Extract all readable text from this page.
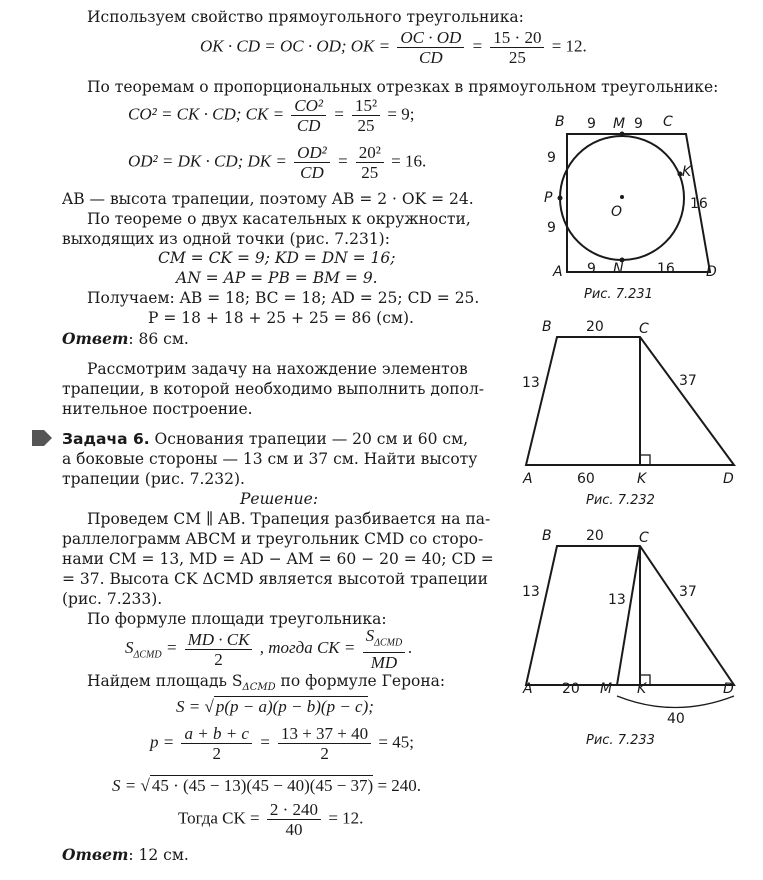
Используем свойство прямоугольного треугольника:
OK · CD = OC · OD; OK = $\frac{OC \cdot OD}{CD} = \frac{15 \cdot 20}{25} = 12$.
По теоремам о пропорциональных отрезках в прямоугольном треугольнике:
CO² = CK · CD; CK = $\frac{\text{CO²}}{CD} = \frac{\text{15²}}{25} = 9$;
OD² = DK · CD; DK = $\frac{\text{OD²}}{CD} = \frac{\text{20²}}{25} = 16$.
AB — высота трапеции, поэтому AB = 2 · OK = 24.
По теореме о двух касательных к окружности,
выходящих из одной точки (рис. 7.231):
CM = CK = 9; KD = DN = 16;
AN = AP = PB = BM = 9.
Получаем: AB = 18; BC = 18; AD = 25; CD = 25.
P = 18 + 18 + 25 + 25 = 86 (см).
Ответ: 86 см.
Рассмотрим задачу на нахождение элементов
трапеции, в которой необходимо выполнить допол-
нительное построение.
Задача 6. Основания трапеции — 20 см и 60 см,
а боковые стороны — 13 см и 37 см. Найти высоту
трапеции (рис. 7.232).
Решение:
Проведем CM ∥ AB. Трапеция разбивается на па-
раллелограмм ABCM и треугольник CMD со сторо-
нами CM = 13, MD = AD − AM = 60 − 20 = 40; CD =
= 37. Высота CK ΔCMD является высотой трапеции
(рис. 7.233).
По формуле площади треугольника:
$S_{\Delta CMD} = \frac{MD \cdot CK}{2}$ , тогда CK = $\frac{S_{\Delta CMD}}{MD}$ .
Найдем площадь $S_{\Delta CMD}$ по формуле Герона:
S = √ p(p − a)(p − b)(p − c);
$p = \frac{a + b + c}{2} = \frac{13 + 37 + 40}{2} = 45$;
S = √ 45 · (45 − 13)(45 − 40)(45 − 37) = 240.
Тогда CK = $\frac{2 \cdot 240}{40} = 12$.
Ответ: 12 см.
B	C
M
K
P
O
A	N	D
9	9
9
9
9	16
16
Рис. 7.231
B	C
A	K	D
20
13	37
60
Рис. 7.232
B	C
A	M K	D
20
13	13	37
20
40
Рис. 7.233
